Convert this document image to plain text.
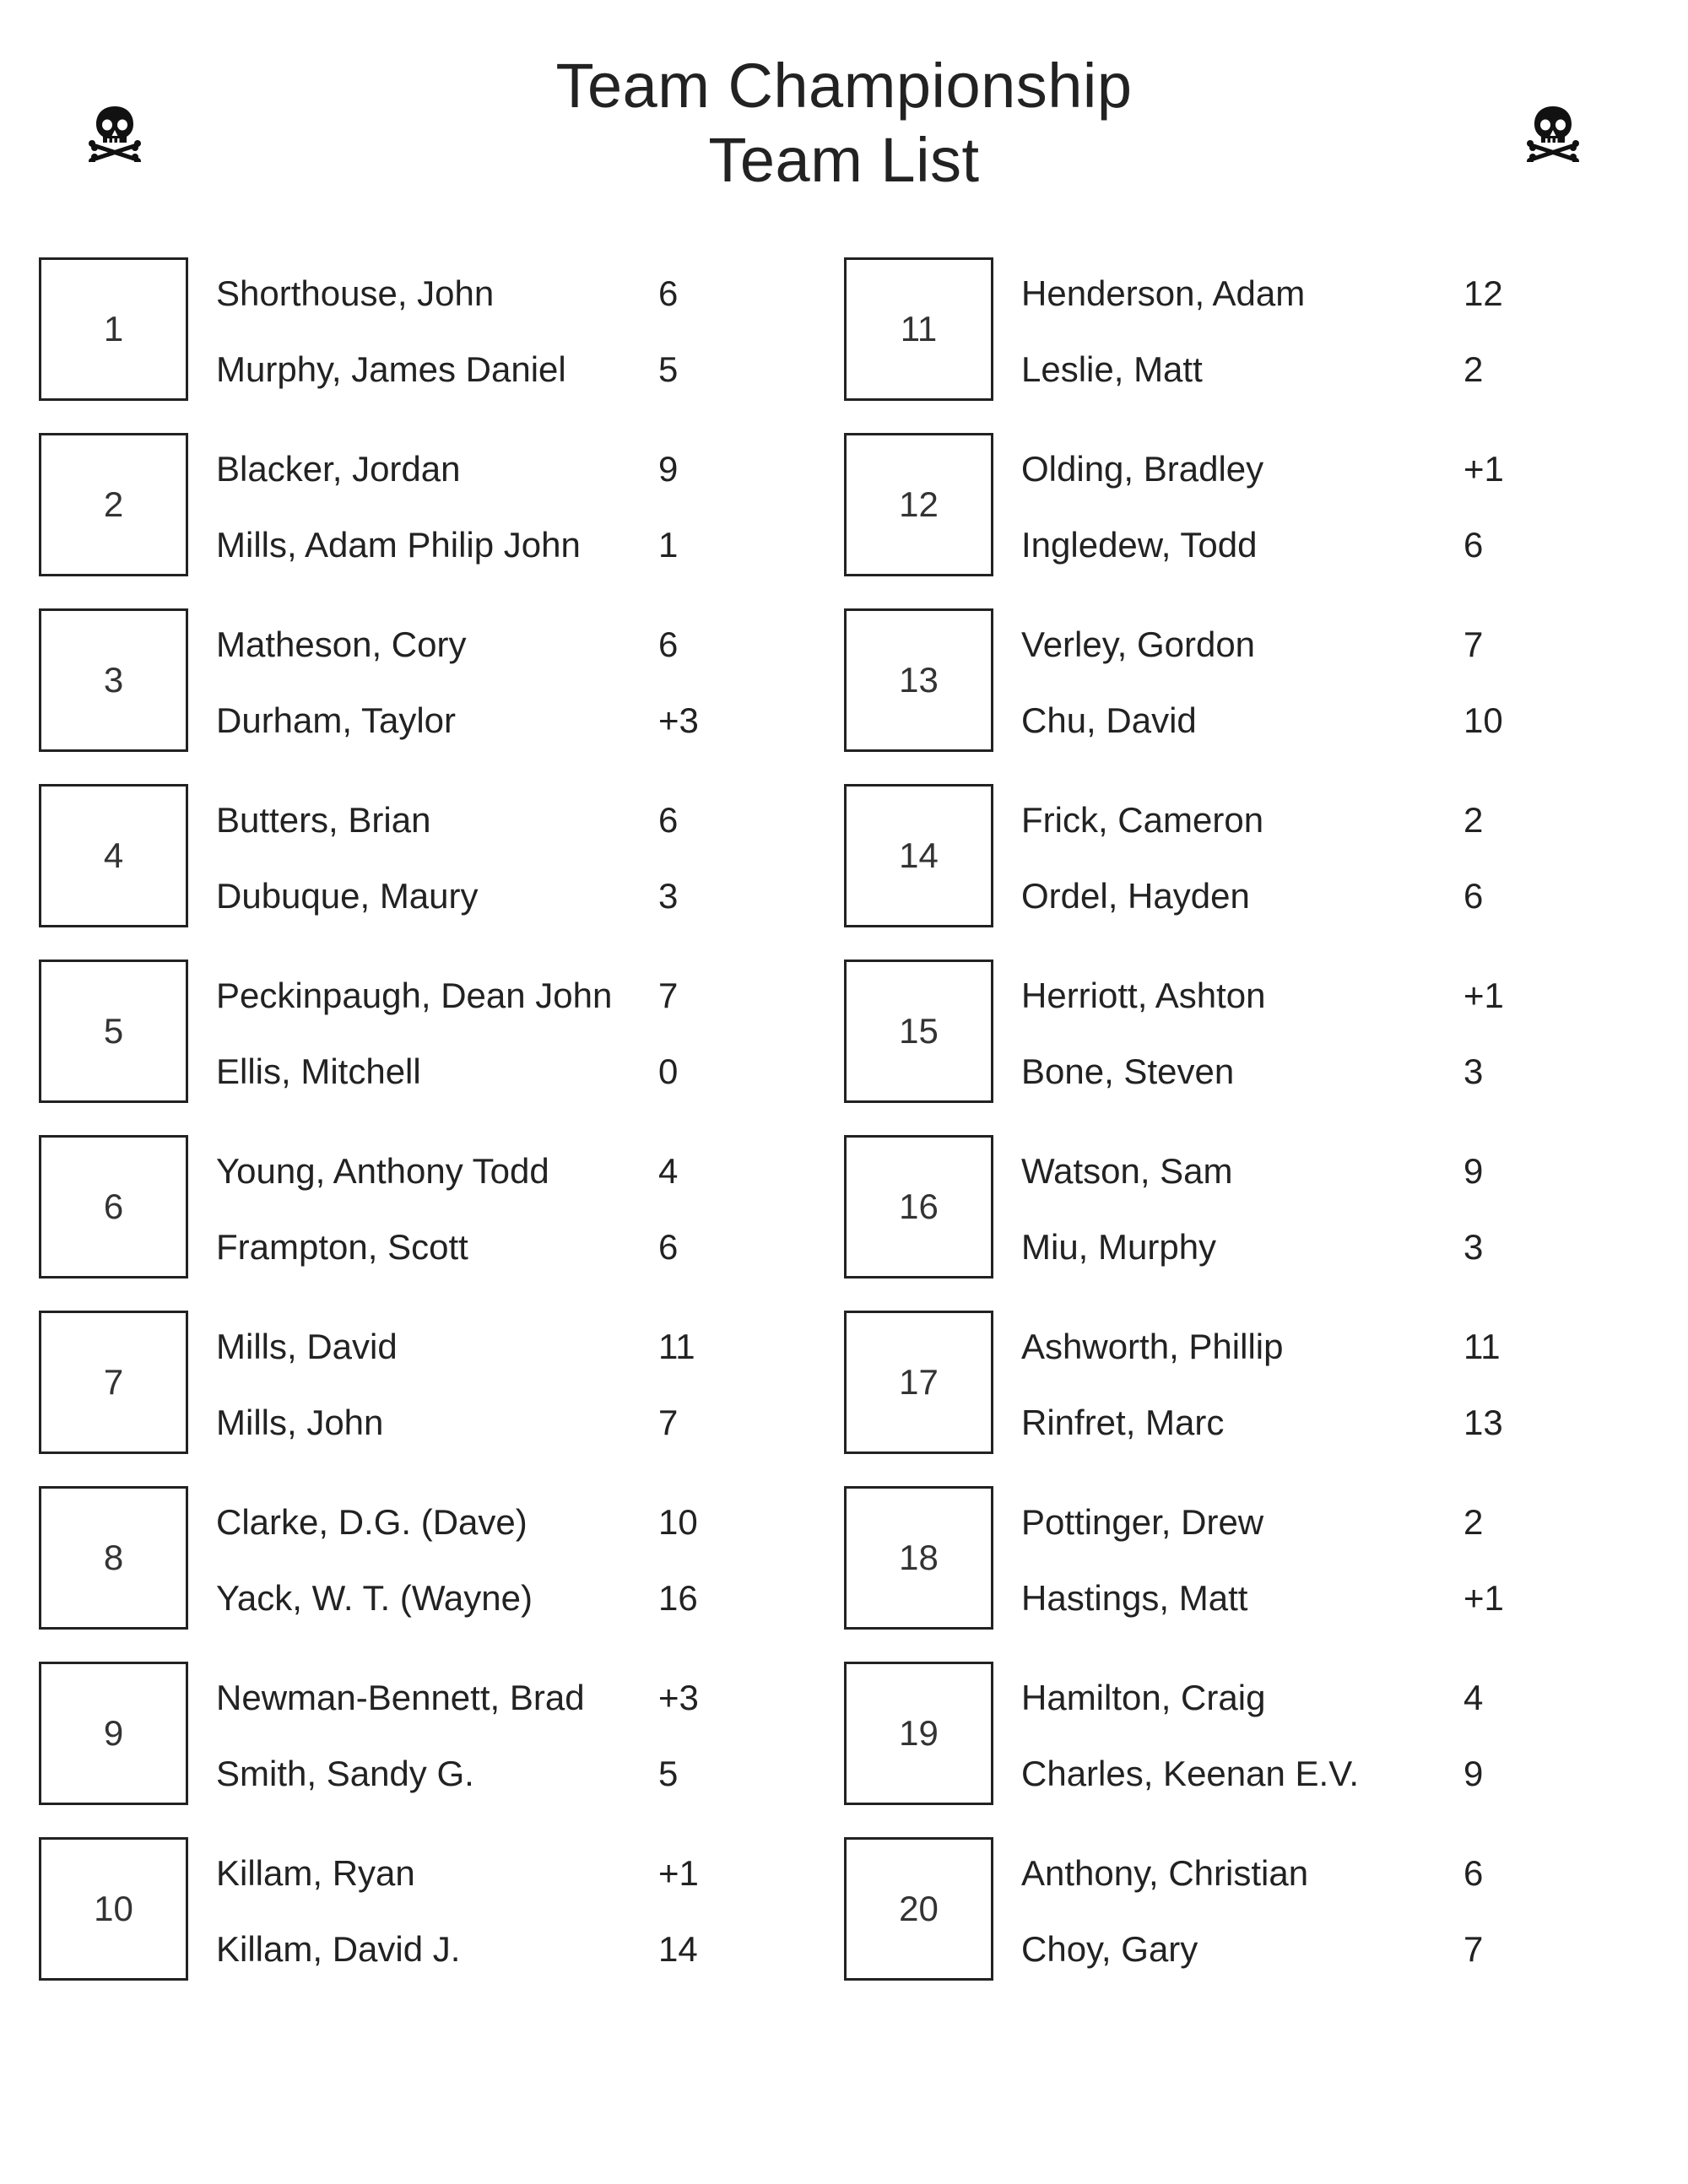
Team Championship
Team List
1
Shorthouse, John	6
Murphy, James Daniel	5
2
Blacker, Jordan	9
Mills, Adam Philip John 1
3
Matheson, Cory	6
Durham, Taylor	+3
4
Butters, Brian	6
Dubuque, Maury	3
5
Peckinpaugh, Dean John 7
Ellis, Mitchell	0
6
Young, Anthony Todd	4
Frampton, Scott	6
7
Mills, David	11
Mills, John	7
8
Clarke, D.G. (Dave)	10
Yack, W. T. (Wayne)	16
9
Newman-Bennett, Brad +3
Smith, Sandy G.	5
10
Killam, Ryan	+1
Killam, David J.	14
11
Henderson, Adam	12
Leslie, Matt	2
12
Olding, Bradley	+1
Ingledew, Todd	6
13
Verley, Gordon	7
Chu, David	10
14
Frick, Cameron	2
Ordel, Hayden	6
15
Herriott, Ashton	+1
Bone, Steven	3
16
Watson, Sam	9
Miu, Murphy	3
17
Ashworth, Phillip	11
Rinfret, Marc	13
18
Pottinger, Drew	2
Hastings, Matt	+1
19
Hamilton, Craig	4
Charles, Keenan E.V.	9
20
Anthony, Christian	6
Choy, Gary	7
